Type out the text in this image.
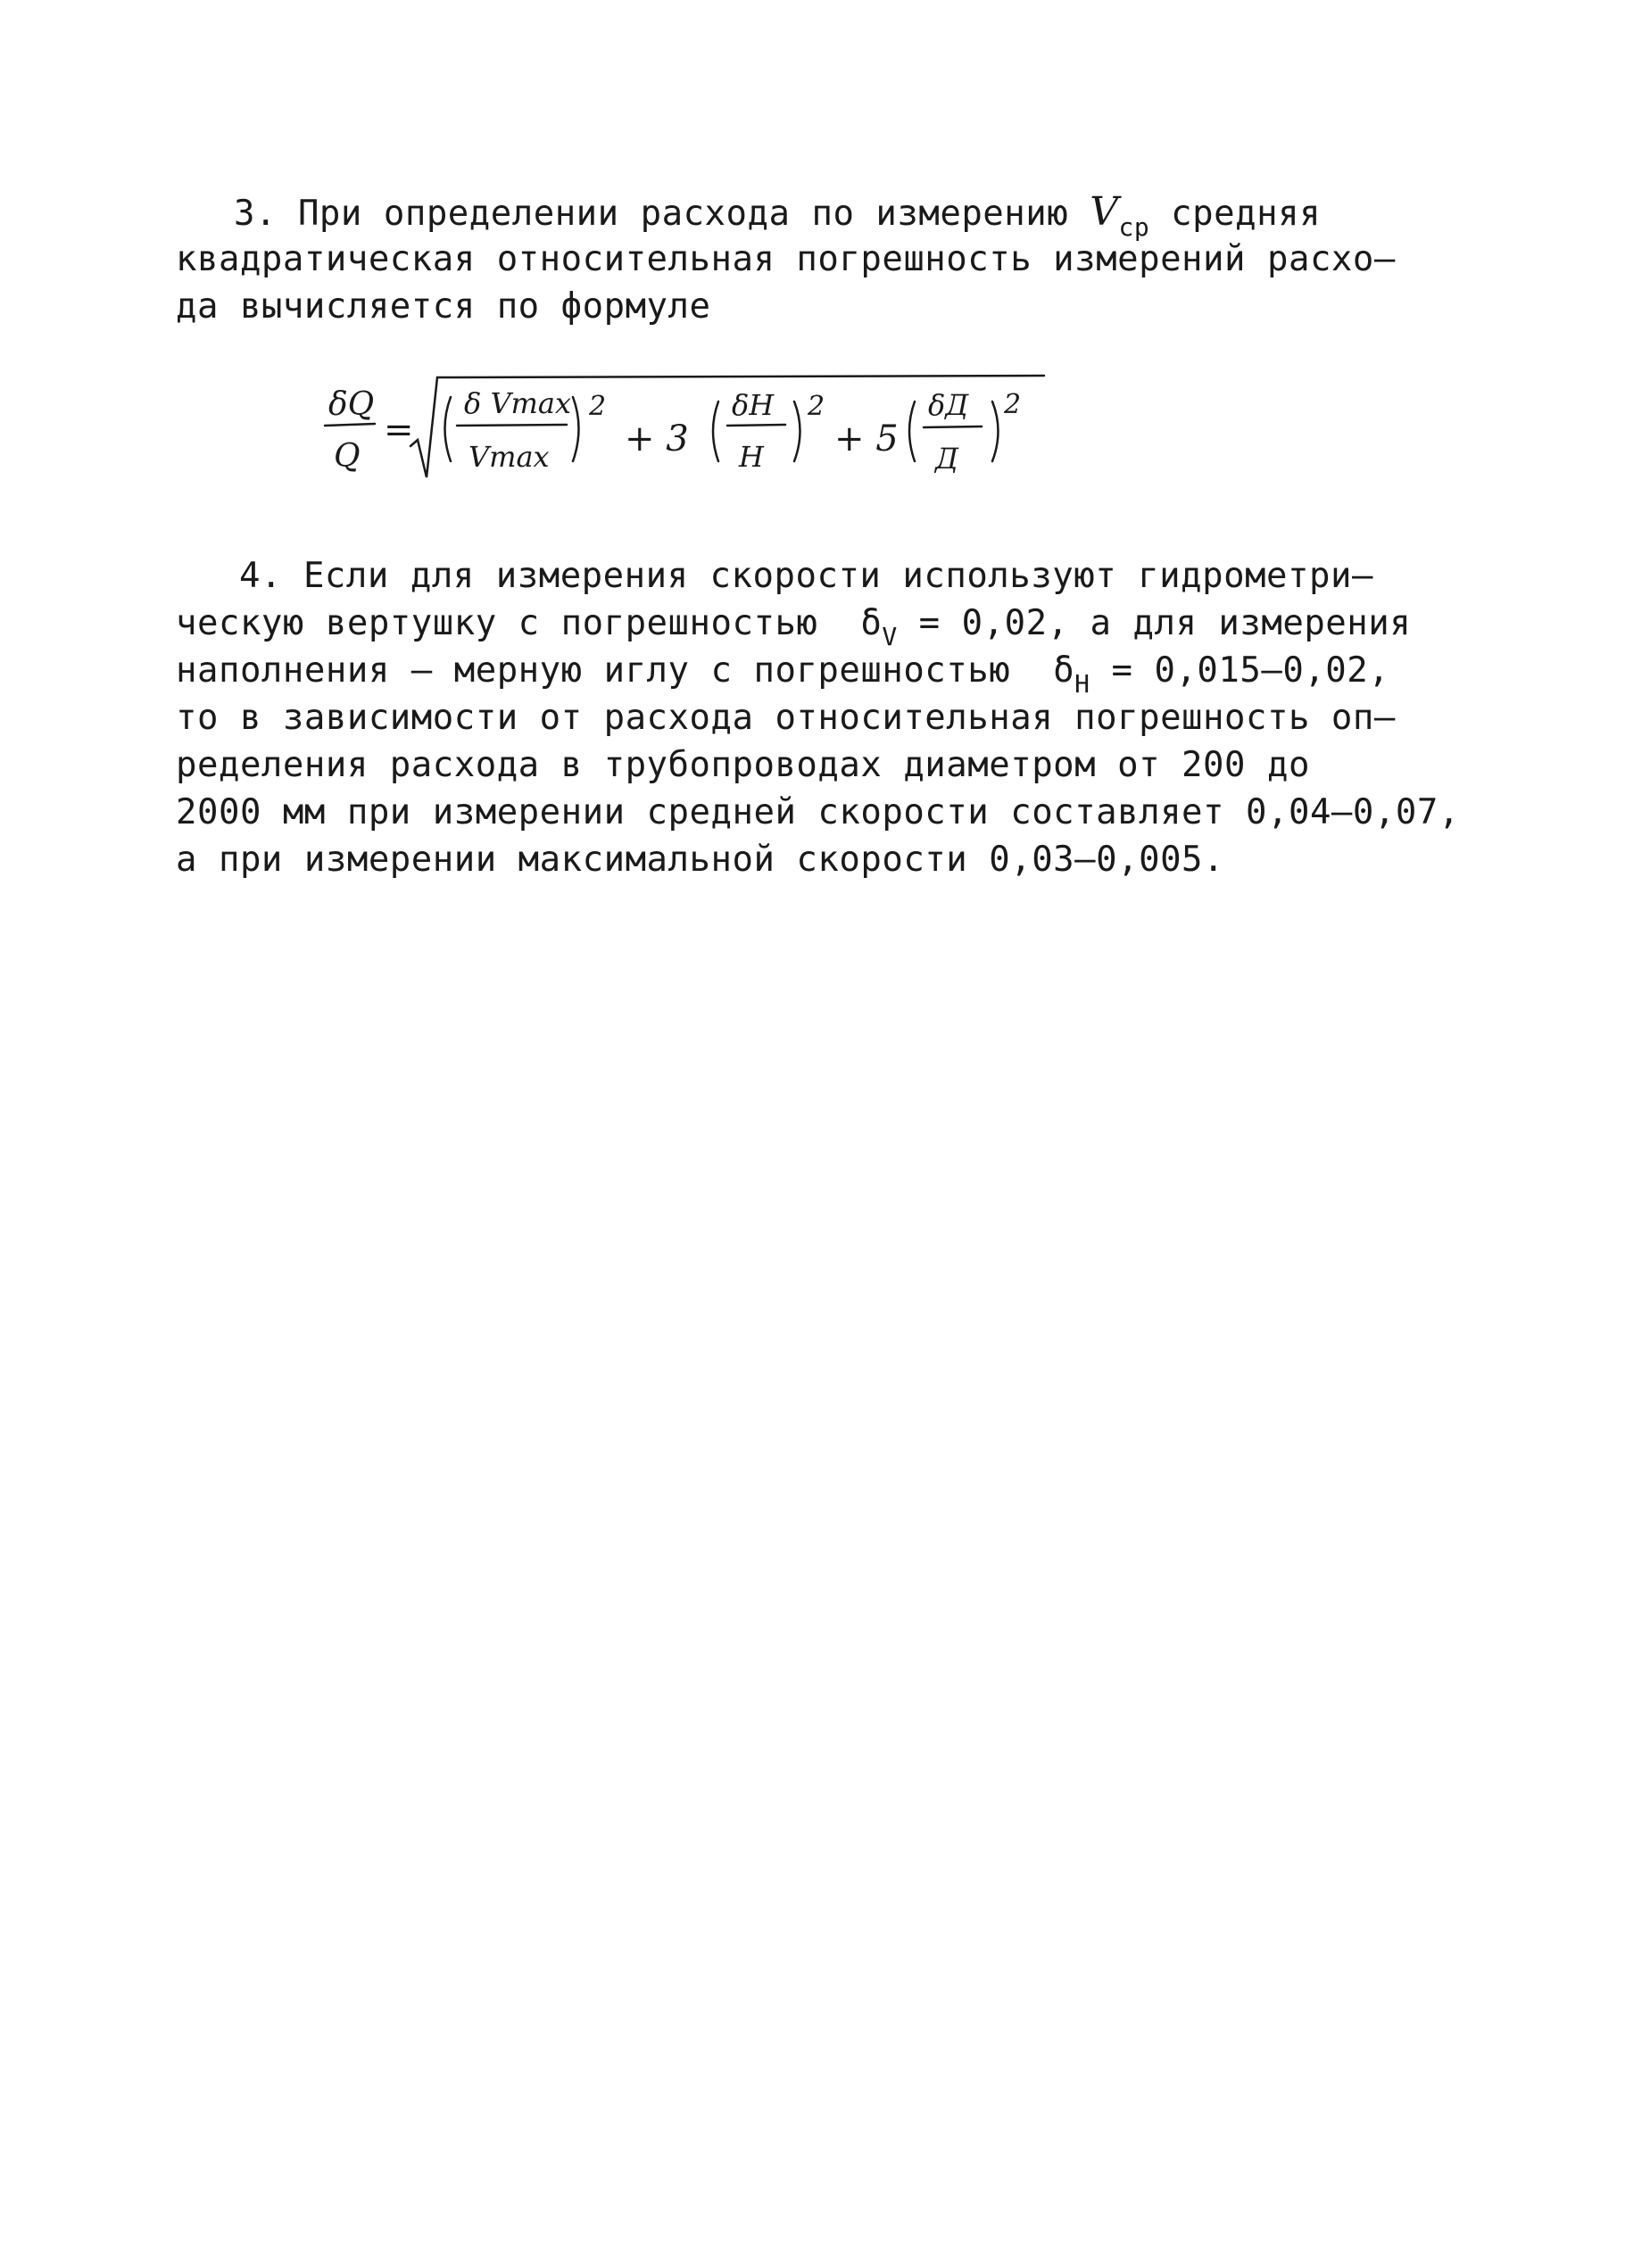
3. При определении расхода по измерению $V_{ср}$ средняя
квадратическая относительная погрешность измерений расхо–
да вычисляется по формуле
δQ
Q
=
δ Vmax
Vmax
2
+ 3
δH
H
2
+ 5
δД
Д
2
4. Если для измерения скорости используют гидрометри–
ческую вертушку с погрешностью  $\delta_V = 0,02$, а для измерения
наполнения – мерную иглу с погрешностью  $\delta_H = 0,015-0,02$,
то в зависимости от расхода относительная погрешность оп–
ределения расхода в трубопроводах диаметром от 200 до
2000 мм при измерении средней скорости составляет 0,04–0,07,
а при измерении максимальной скорости 0,03–0,005.
